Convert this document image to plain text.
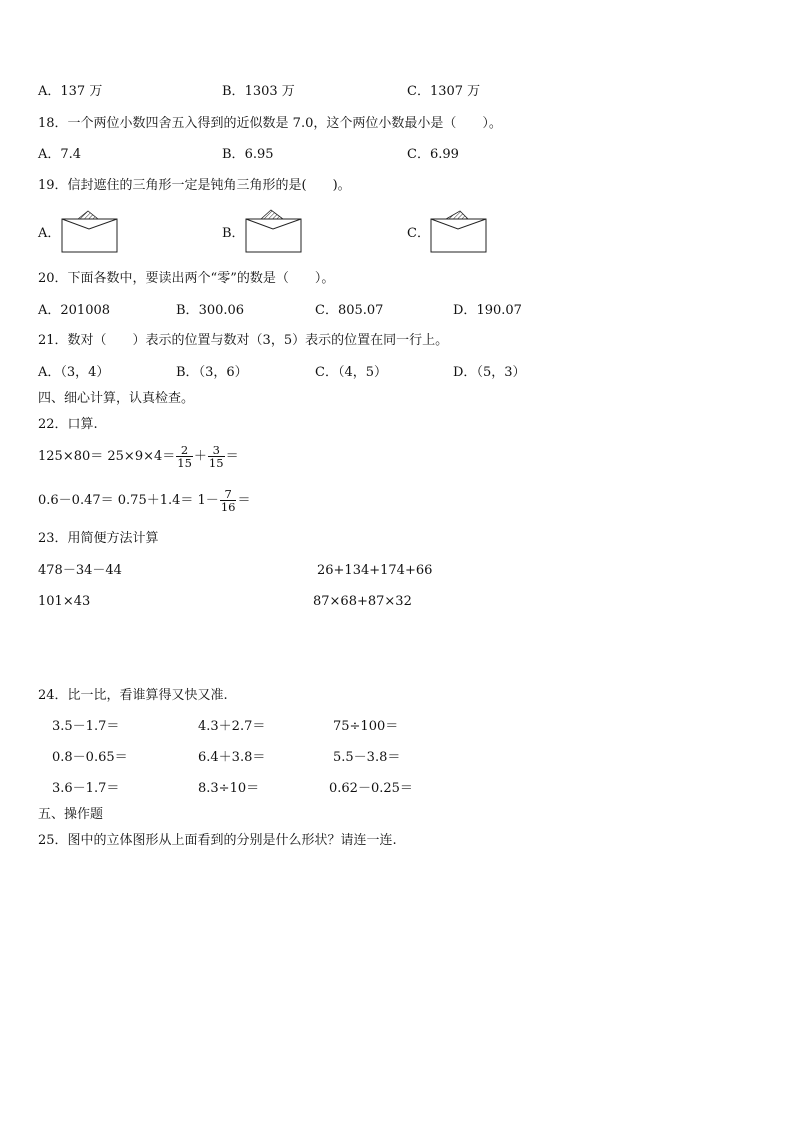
A．137 万	B．1303 万	C．1307 万
18．一个两位小数四舍五入得到的近似数是 7.0，这个两位小数最小是（　　）。
A．7.4	B．6.95	C．6.99
19．信封遮住的三角形一定是钝角三角形的是(　　)。
A．	B．	C．
20．下面各数中，要读出两个“零”的数是（　　）。
A．201008	B．300.06	C．805.07	D．190.07
21．数对（　　）表示的位置与数对（3，5）表示的位置在同一行上。
A．（3，4）	B．（3，6）	C．（4，5）	D．（5，3）
四、细心计算，认真检查。
22．口算.
$125\times 80= 25\times 9\times 4= \frac{2}{15} + \frac{3}{15}$ ＝
$0.6-0.47= 0.75+1.4= 1- \frac{7}{16}$ ＝
23．用简便方法计算
478－34－44	26+134+174+66
101×43	87×68+87×32
24．比一比，看谁算得又快又准.
3.5－1.7＝	4.3＋2.7＝	75÷100＝
0.8－0.65＝	6.4＋3.8＝	5.5－3.8＝
3.6－1.7＝	8.3÷10＝	0.62－0.25＝
五、操作题
25．图中的立体图形从上面看到的分别是什么形状？请连一连.
